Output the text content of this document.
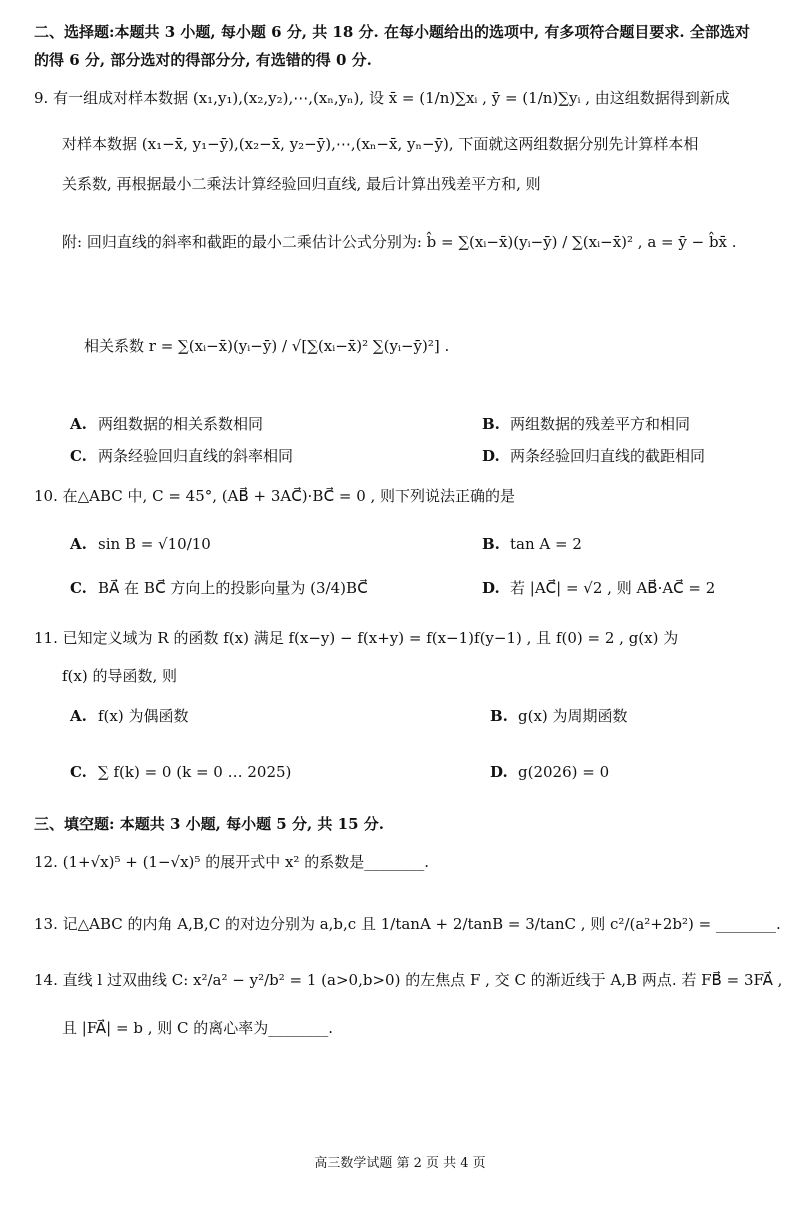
二、选择题:本题共 3 小题, 每小题 6 分, 共 18 分. 在每小题给出的选项中, 有多项符合题目要求. 全部选对
的得 6 分, 部分选对的得部分分, 有选错的得 0 分.
9. 有一组成对样本数据 (x₁,y₁),(x₂,y₂),⋯,(xₙ,yₙ), 设 x̄ = (1/n)∑xᵢ , ȳ = (1/n)∑yᵢ , 由这组数据得到新成
对样本数据 (x₁−x̄, y₁−ȳ),(x₂−x̄, y₂−ȳ),⋯,(xₙ−x̄, yₙ−ȳ), 下面就这两组数据分别先计算样本相
关系数, 再根据最小二乘法计算经验回归直线, 最后计算出残差平方和, 则
附: 回归直线的斜率和截距的最小二乘估计公式分别为: b̂ = ∑(xᵢ−x̄)(yᵢ−ȳ) / ∑(xᵢ−x̄)² , a = ȳ − b̂x̄ .
相关系数 r = ∑(xᵢ−x̄)(yᵢ−ȳ) / √[∑(xᵢ−x̄)² ∑(yᵢ−ȳ)²] .
A. 两组数据的相关系数相同	B. 两组数据的残差平方和相同
C. 两条经验回归直线的斜率相同	D. 两条经验回归直线的截距相同
10. 在△ABC 中, C = 45°, (AB⃗ + 3AC⃗)·BC⃗ = 0 , 则下列说法正确的是
A. sin B = √10/10	B. tan A = 2
C. BA⃗ 在 BC⃗ 方向上的投影向量为 (3/4)BC⃗	D. 若 |AC⃗| = √2 , 则 AB⃗·AC⃗ = 2
11. 已知定义域为 R 的函数 f(x) 满足 f(x−y) − f(x+y) = f(x−1)f(y−1) , 且 f(0) = 2 , g(x) 为
f(x) 的导函数, 则
A. f(x) 为偶函数	B. g(x) 为周期函数
C. ∑ f(k) = 0 (k = 0 … 2025)	D. g(2026) = 0
三、填空题: 本题共 3 小题, 每小题 5 分, 共 15 分.
12. (1+√x)⁵ + (1−√x)⁵ 的展开式中 x² 的系数是________.
13. 记△ABC 的内角 A,B,C 的对边分别为 a,b,c 且 1/tanA + 2/tanB = 3/tanC , 则 c²/(a²+2b²) = ________.
14. 直线 l 过双曲线 C: x²/a² − y²/b² = 1 (a>0,b>0) 的左焦点 F , 交 C 的渐近线于 A,B 两点. 若 FB⃗ = 3FA⃗ ,
且 |FA⃗| = b , 则 C 的离心率为________.
高三数学试题 第 2 页 共 4 页
